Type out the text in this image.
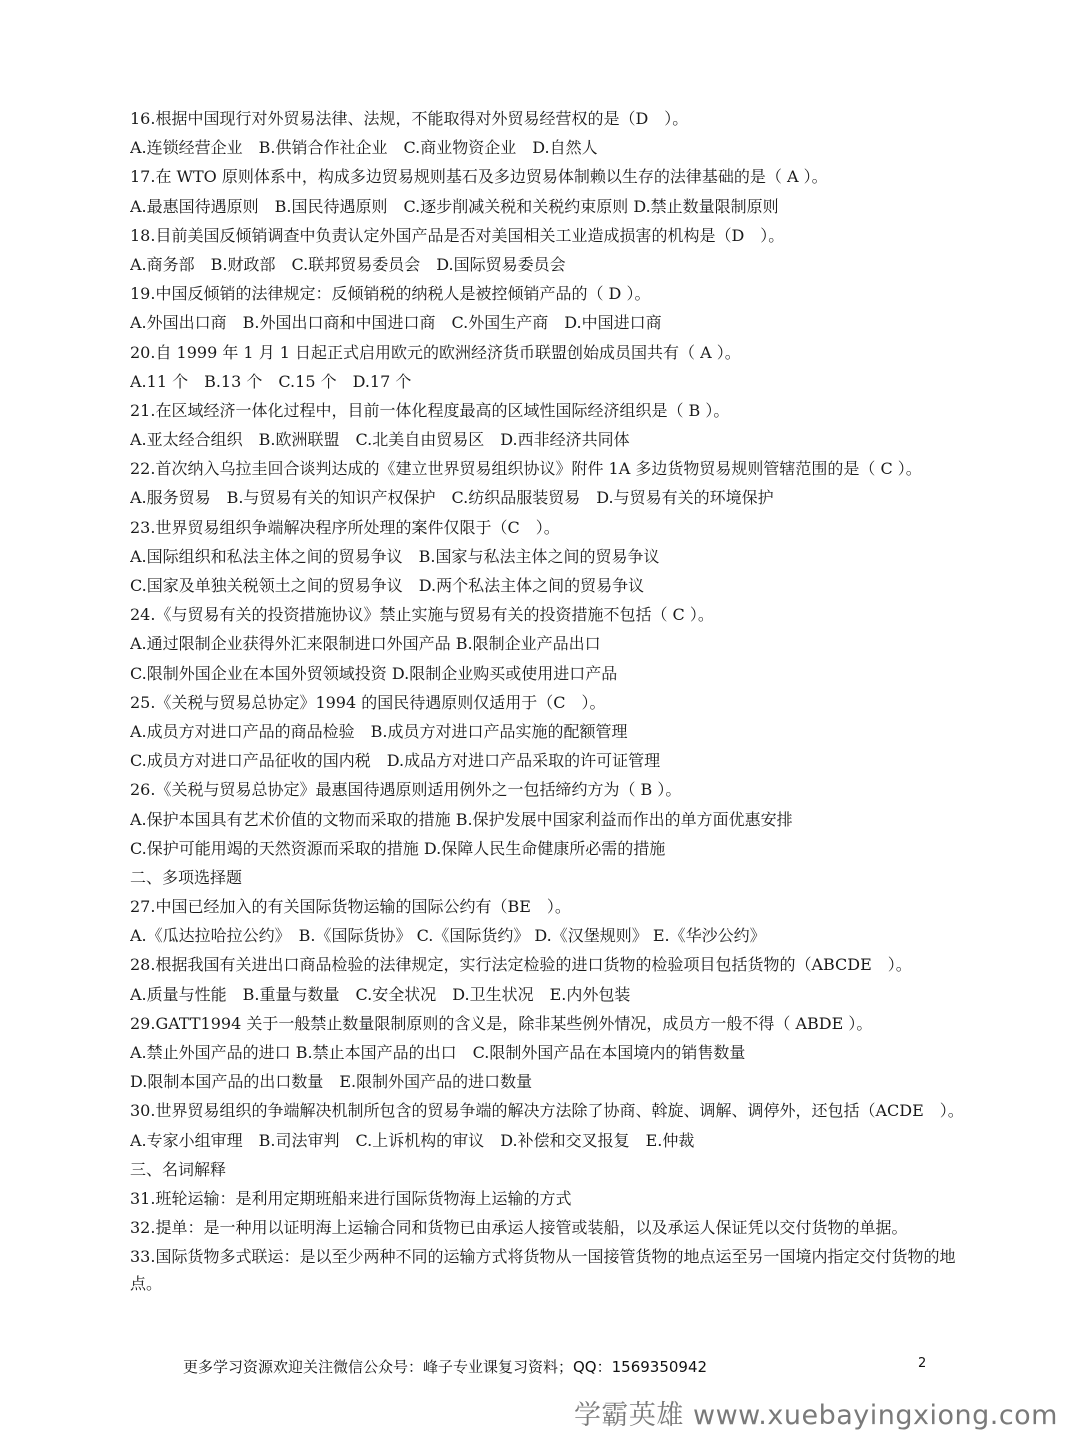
16.根据中国现行对外贸易法律、法规，不能取得对外贸易经营权的是（D　）。
A.连锁经营企业　B.供销合作社企业　C.商业物资企业　D.自然人
17.在 WTO 原则体系中，构成多边贸易规则基石及多边贸易体制赖以生存的法律基础的是（ A ）。
A.最惠国待遇原则　B.国民待遇原则　C.逐步削减关税和关税约束原则 D.禁止数量限制原则
18.目前美国反倾销调查中负责认定外国产品是否对美国相关工业造成损害的机构是（D　）。
A.商务部　B.财政部　C.联邦贸易委员会　D.国际贸易委员会
19.中国反倾销的法律规定：反倾销税的纳税人是被控倾销产品的（ D ）。
A.外国出口商　B.外国出口商和中国进口商　C.外国生产商　D.中国进口商
20.自 1999 年 1 月 1 日起正式启用欧元的欧洲经济货币联盟创始成员国共有（ A ）。
A.11 个　B.13 个　C.15 个　D.17 个
21.在区域经济一体化过程中，目前一体化程度最高的区域性国际经济组织是（ B ）。
A.亚太经合组织　B.欧洲联盟　C.北美自由贸易区　D.西非经济共同体
22.首次纳入乌拉圭回合谈判达成的《建立世界贸易组织协议》附件 1A 多边货物贸易规则管辖范围的是（ C ）。
A.服务贸易　B.与贸易有关的知识产权保护　C.纺织品服装贸易　D.与贸易有关的环境保护
23.世界贸易组织争端解决程序所处理的案件仅限于（C　）。
A.国际组织和私法主体之间的贸易争议　B.国家与私法主体之间的贸易争议
C.国家及单独关税领土之间的贸易争议　D.两个私法主体之间的贸易争议
24.《与贸易有关的投资措施协议》禁止实施与贸易有关的投资措施不包括（ C ）。
A.通过限制企业获得外汇来限制进口外国产品 B.限制企业产品出口
C.限制外国企业在本国外贸领域投资 D.限制企业购买或使用进口产品
25.《关税与贸易总协定》1994 的国民待遇原则仅适用于（C　）。
A.成员方对进口产品的商品检验　B.成员方对进口产品实施的配额管理
C.成员方对进口产品征收的国内税　D.成品方对进口产品采取的许可证管理
26.《关税与贸易总协定》最惠国待遇原则适用例外之一包括缔约方为（ B ）。
A.保护本国具有艺术价值的文物而采取的措施 B.保护发展中国家利益而作出的单方面优惠安排
C.保护可能用竭的天然资源而采取的措施 D.保障人民生命健康所必需的措施
二、多项选择题
27.中国已经加入的有关国际货物运输的国际公约有（BE　）。
A.《瓜达拉哈拉公约》　B.《国际货协》 C.《国际货约》 D.《汉堡规则》 E.《华沙公约》
28.根据我国有关进出口商品检验的法律规定，实行法定检验的进口货物的检验项目包括货物的（ABCDE　）。
A.质量与性能　B.重量与数量　C.安全状况　D.卫生状况　E.内外包装
29.GATT1994 关于一般禁止数量限制原则的含义是，除非某些例外情况，成员方一般不得（ ABDE ）。
A.禁止外国产品的进口 B.禁止本国产品的出口　C.限制外国产品在本国境内的销售数量
D.限制本国产品的出口数量　E.限制外国产品的进口数量
30.世界贸易组织的争端解决机制所包含的贸易争端的解决方法除了协商、斡旋、调解、调停外，还包括（ACDE　）。
A.专家小组审理　B.司法审判　C.上诉机构的审议　D.补偿和交叉报复　E.仲裁
三、名词解释
31.班轮运输：是利用定期班船来进行国际货物海上运输的方式
32.提单：是一种用以证明海上运输合同和货物已由承运人接管或装船，以及承运人保证凭以交付货物的单据。
33.国际货物多式联运：是以至少两种不同的运输方式将货物从一国接管货物的地点运至另一国境内指定交付货物的地点。
更多学习资源欢迎关注微信公众号：峰子专业课复习资料；QQ：1569350942	2
学霸英雄 www.xuebayingxiong.com
